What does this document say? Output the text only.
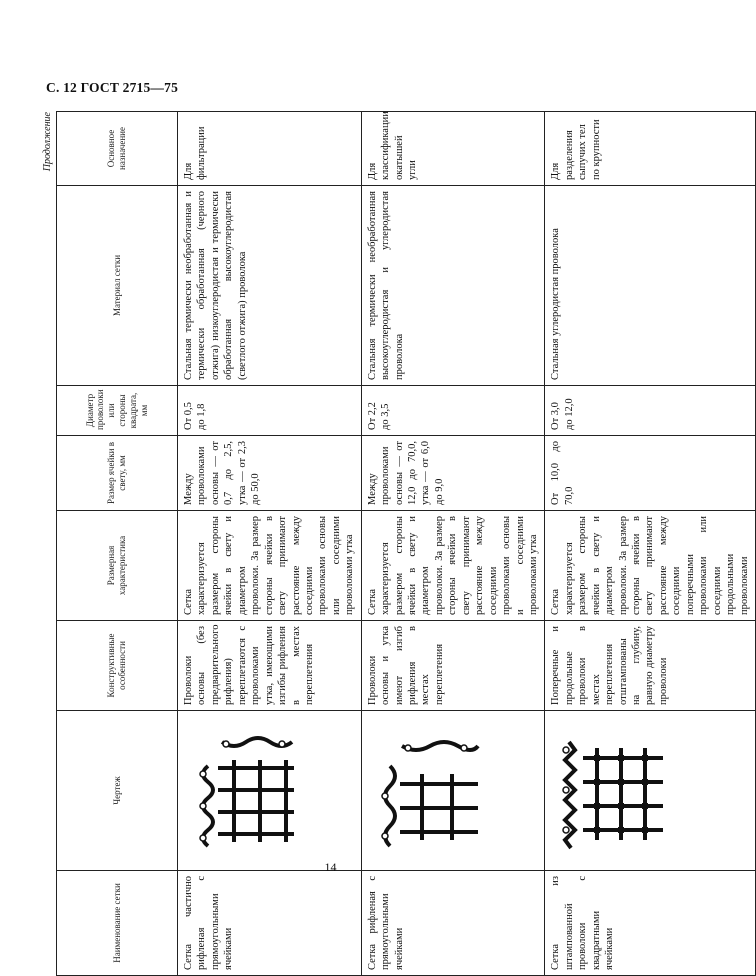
С. 12 ГОСТ 2715—75
Продолжение
Наименование сетки	Чертеж	Конструктивные особенности	Размерная характеристика	Размер ячейки в свету, мм	Диаметр проволоки или стороны квадрата, мм	Материал сетки	Основное назначение
Сетка частично рифленая с прямоугольными ячейками		Проволоки основы (без предварительного рифления) переплетаются с проволоками утка, имеющими изгибы рифления в местах переплетения	Сетка характеризуется размером стороны ячейки в свету и диаметром проволоки. За размер стороны ячейки в свету принимают расстояние между соседними проволоками основы или соседними проволоками утка	Между проволоками основы — от 0,7 до 2,5, утка — от 2,3 до 50,0	От 0,5 до 1,8	Стальная термически необработанная и термически обработанная (черного отжига) низкоуглеродистая и термически обработанная высокоуглеродистая (светлого отжига) проволока	Для фильтрации
Сетка рифленая с прямоугольными ячейками		Проволоки основы и утка имеют изгиб рифления в местах переплетения	Сетка характеризуется размером стороны ячейки в свету и диаметром проволоки. За размер стороны ячейки в свету принимают расстояние между соседними проволоками основы и соседними проволоками утка	Между проволоками основы — от 12,0 до 70,0, утка — от 6,0 до 9,0	От 2,2 до 3,5	Стальная термически необработанная высокоуглеродистая и углеродистая проволока	Для классификации окатышей угли
Сетка из штампованной проволоки с квадратными ячейками		Поперечные и продольные проволоки в местах переплетения отштампованы на глубину, равную диаметру проволоки	Сетка характеризуется размером стороны ячейки в свету и диаметром проволоки. За размер стороны ячейки в свету принимают расстояние между соседними поперечными проволоками или соседними продольными проволоками	От 10,0 до 70,0	От 3,0 до 12,0	Стальная углеродистая проволока	Для разделения сыпучих тел по крупности
14
